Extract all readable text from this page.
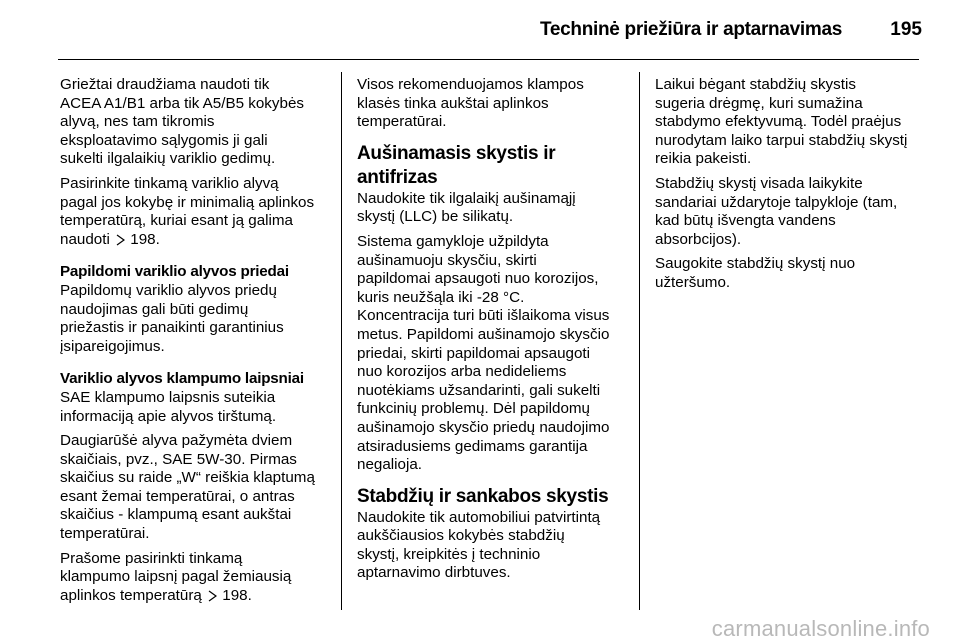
Techninė priežiūra ir aptarnavimas	195
Griežtai draudžiama naudoti tik
ACEA A1/B1 arba tik A5/B5 kokybės
alyvą, nes tam tikromis
eksploatavimo sąlygomis ji gali
sukelti ilgalaikių variklio gedimų.
Pasirinkite tinkamą variklio alyvą
pagal jos kokybę ir minimalią aplinkos
temperatūrą, kuriai esant ją galima
naudoti  198.
Papildomi variklio alyvos priedai
Papildomų variklio alyvos priedų
naudojimas gali būti gedimų
priežastis ir panaikinti garantinius
įsipareigojimus.
Variklio alyvos klampumo laipsniai
SAE klampumo laipsnis suteikia
informaciją apie alyvos tirštumą.
Daugiarūšė alyva pažymėta dviem
skaičiais, pvz., SAE 5W-30. Pirmas
skaičius su raide „W“ reiškia klaptumą
esant žemai temperatūrai, o antras
skaičius - klampumą esant aukštai
temperatūrai.
Prašome pasirinkti tinkamą
klampumo laipsnį pagal žemiausią
aplinkos temperatūrą  198.
Visos rekomenduojamos klampos
klasės tinka aukštai aplinkos
temperatūrai.
Aušinamasis skystis ir antifrizas
Naudokite tik ilgalaikį aušinamąjį
skystį (LLC) be silikatų.
Sistema gamykloje užpildyta
aušinamuoju skysčiu, skirti
papildomai apsaugoti nuo korozijos,
kuris neužšąla iki -28 °C.
Koncentracija turi būti išlaikoma visus
metus. Papildomi aušinamojo skysčio
priedai, skirti papildomai apsaugoti
nuo korozijos arba nedideliems
nuotėkiams užsandarinti, gali sukelti
funkcinių problemų. Dėl papildomų
aušinamojo skysčio priedų naudojimo
atsiradusiems gedimams garantija
negalioja.
Stabdžių ir sankabos skystis
Naudokite tik automobiliui patvirtintą
aukščiausios kokybės stabdžių
skystį, kreipkitės į techninio
aptarnavimo dirbtuves.
Laikui bėgant stabdžių skystis
sugeria drėgmę, kuri sumažina
stabdymo efektyvumą. Todėl praėjus
nurodytam laiko tarpui stabdžių skystį
reikia pakeisti.
Stabdžių skystį visada laikykite
sandariai uždarytoje talpykloje (tam,
kad būtų išvengta vandens
absorbcijos).
Saugokite stabdžių skystį nuo
užteršumo.
carmanualsonline.info
